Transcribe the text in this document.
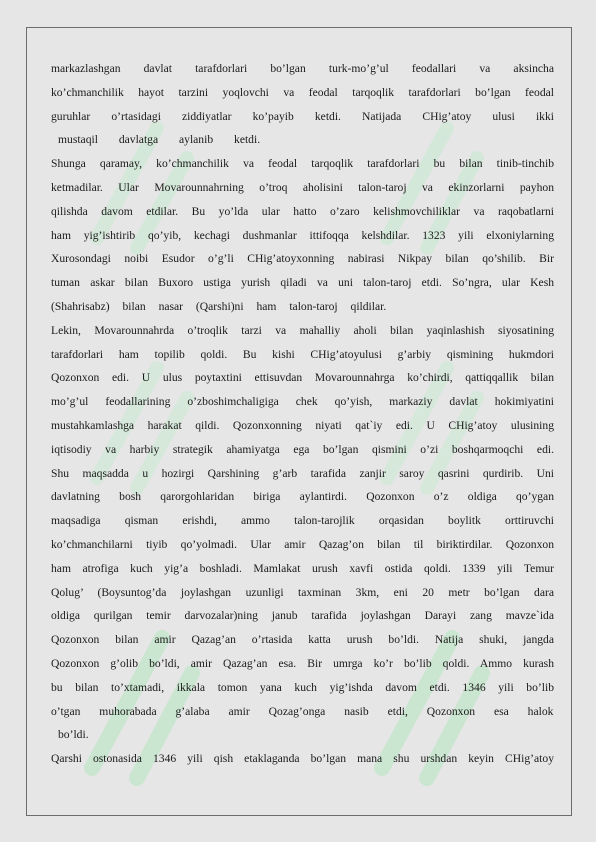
markazlashgan davlat tarafdorlari bo’lgan turk-mo’g’ul feodallari va aksincha
ko’chmanchilik hayot tarzini yoqlovchi va feodal tarqoqlik tarafdorlari bo’lgan feodal
guruhlar o’rtasidagi ziddiyatlar ko’payib ketdi. Natijada CHig’atoy ulusi ikki
mustaqil davlatga aylanib ketdi.
Shunga qaramay, ko’chmanchilik va feodal tarqoqlik tarafdorlari bu bilan tinib-tinchib
ketmadilar. Ular Movarounnahrning o’troq aholisini talon-taroj va ekinzorlarni payhon
qilishda davom etdilar. Bu yo’lda ular hatto o’zaro kelishmovchiliklar va raqobatlarni
ham yig’ishtirib qo’yib, kechagi dushmanlar ittifoqqa kelshdilar. 1323 yili elxoniylarning
Xurosondagi noibi Esudor o’g’li CHig’atoyxonning nabirasi Nikpay bilan qo’shilib. Bir
tuman askar bilan Buxoro ustiga yurish qiladi va uni talon-taroj etdi. So’ngra, ular Kesh
(Shahrisabz) bilan nasar (Qarshi)ni ham talon-taroj qildilar.
Lekin, Movarounnahrda o’troqlik tarzi va mahalliy aholi bilan yaqinlashish siyosatining
tarafdorlari ham topilib qoldi. Bu kishi CHig’atoyulusi g’arbiy qismining hukmdori
Qozonxon edi. U ulus poytaxtini ettisuvdan Movarounnahrga ko’chirdi, qattiqqallik bilan
mo’g’ul feodallarining o’zboshimchaligiga chek qo’yish, markaziy davlat hokimiyatini
mustahkamlashga harakat qildi. Qozonxonning niyati qat`iy edi. U CHig’atoy ulusining
iqtisodiy va harbiy strategik ahamiyatga ega bo’lgan qismini o’zi boshqarmoqchi edi.
Shu maqsadda u hozirgi Qarshining g’arb tarafida zanjir saroy qasrini qurdirib. Uni
davlatning bosh qarorgohlaridan biriga aylantirdi. Qozonxon o’z oldiga qo’ygan
maqsadiga qisman erishdi, ammo talon-tarojlik orqasidan boylitk orttiruvchi
ko’chmanchilarni tiyib qo’yolmadi. Ular amir Qazag’on bilan til biriktirdilar. Qozonxon
ham atrofiga kuch yig’a boshladi. Mamlakat urush xavfi ostida qoldi. 1339 yili Temur
Qolug’ (Boysuntog’da joylashgan uzunligi taxminan 3km, eni 20 metr bo’lgan dara
oldiga qurilgan temir darvozalar)ning janub tarafida joylashgan Darayi zang mavze`ida
Qozonxon bilan amir Qazag’an o’rtasida katta urush bo’ldi. Natija shuki, jangda
Qozonxon g’olib bo’ldi, amir Qazag’an esa. Bir umrga ko’r bo’lib qoldi. Ammo kurash
bu bilan to’xtamadi, ikkala tomon yana kuch yig’ishda davom etdi. 1346 yili bo’lib
o’tgan muhorabada g’alaba amir Qozag’onga nasib etdi, Qozonxon esa halok
bo’ldi.
Qarshi ostonasida 1346 yili qish etaklaganda bo’lgan mana shu urshdan keyin CHig’atoy
